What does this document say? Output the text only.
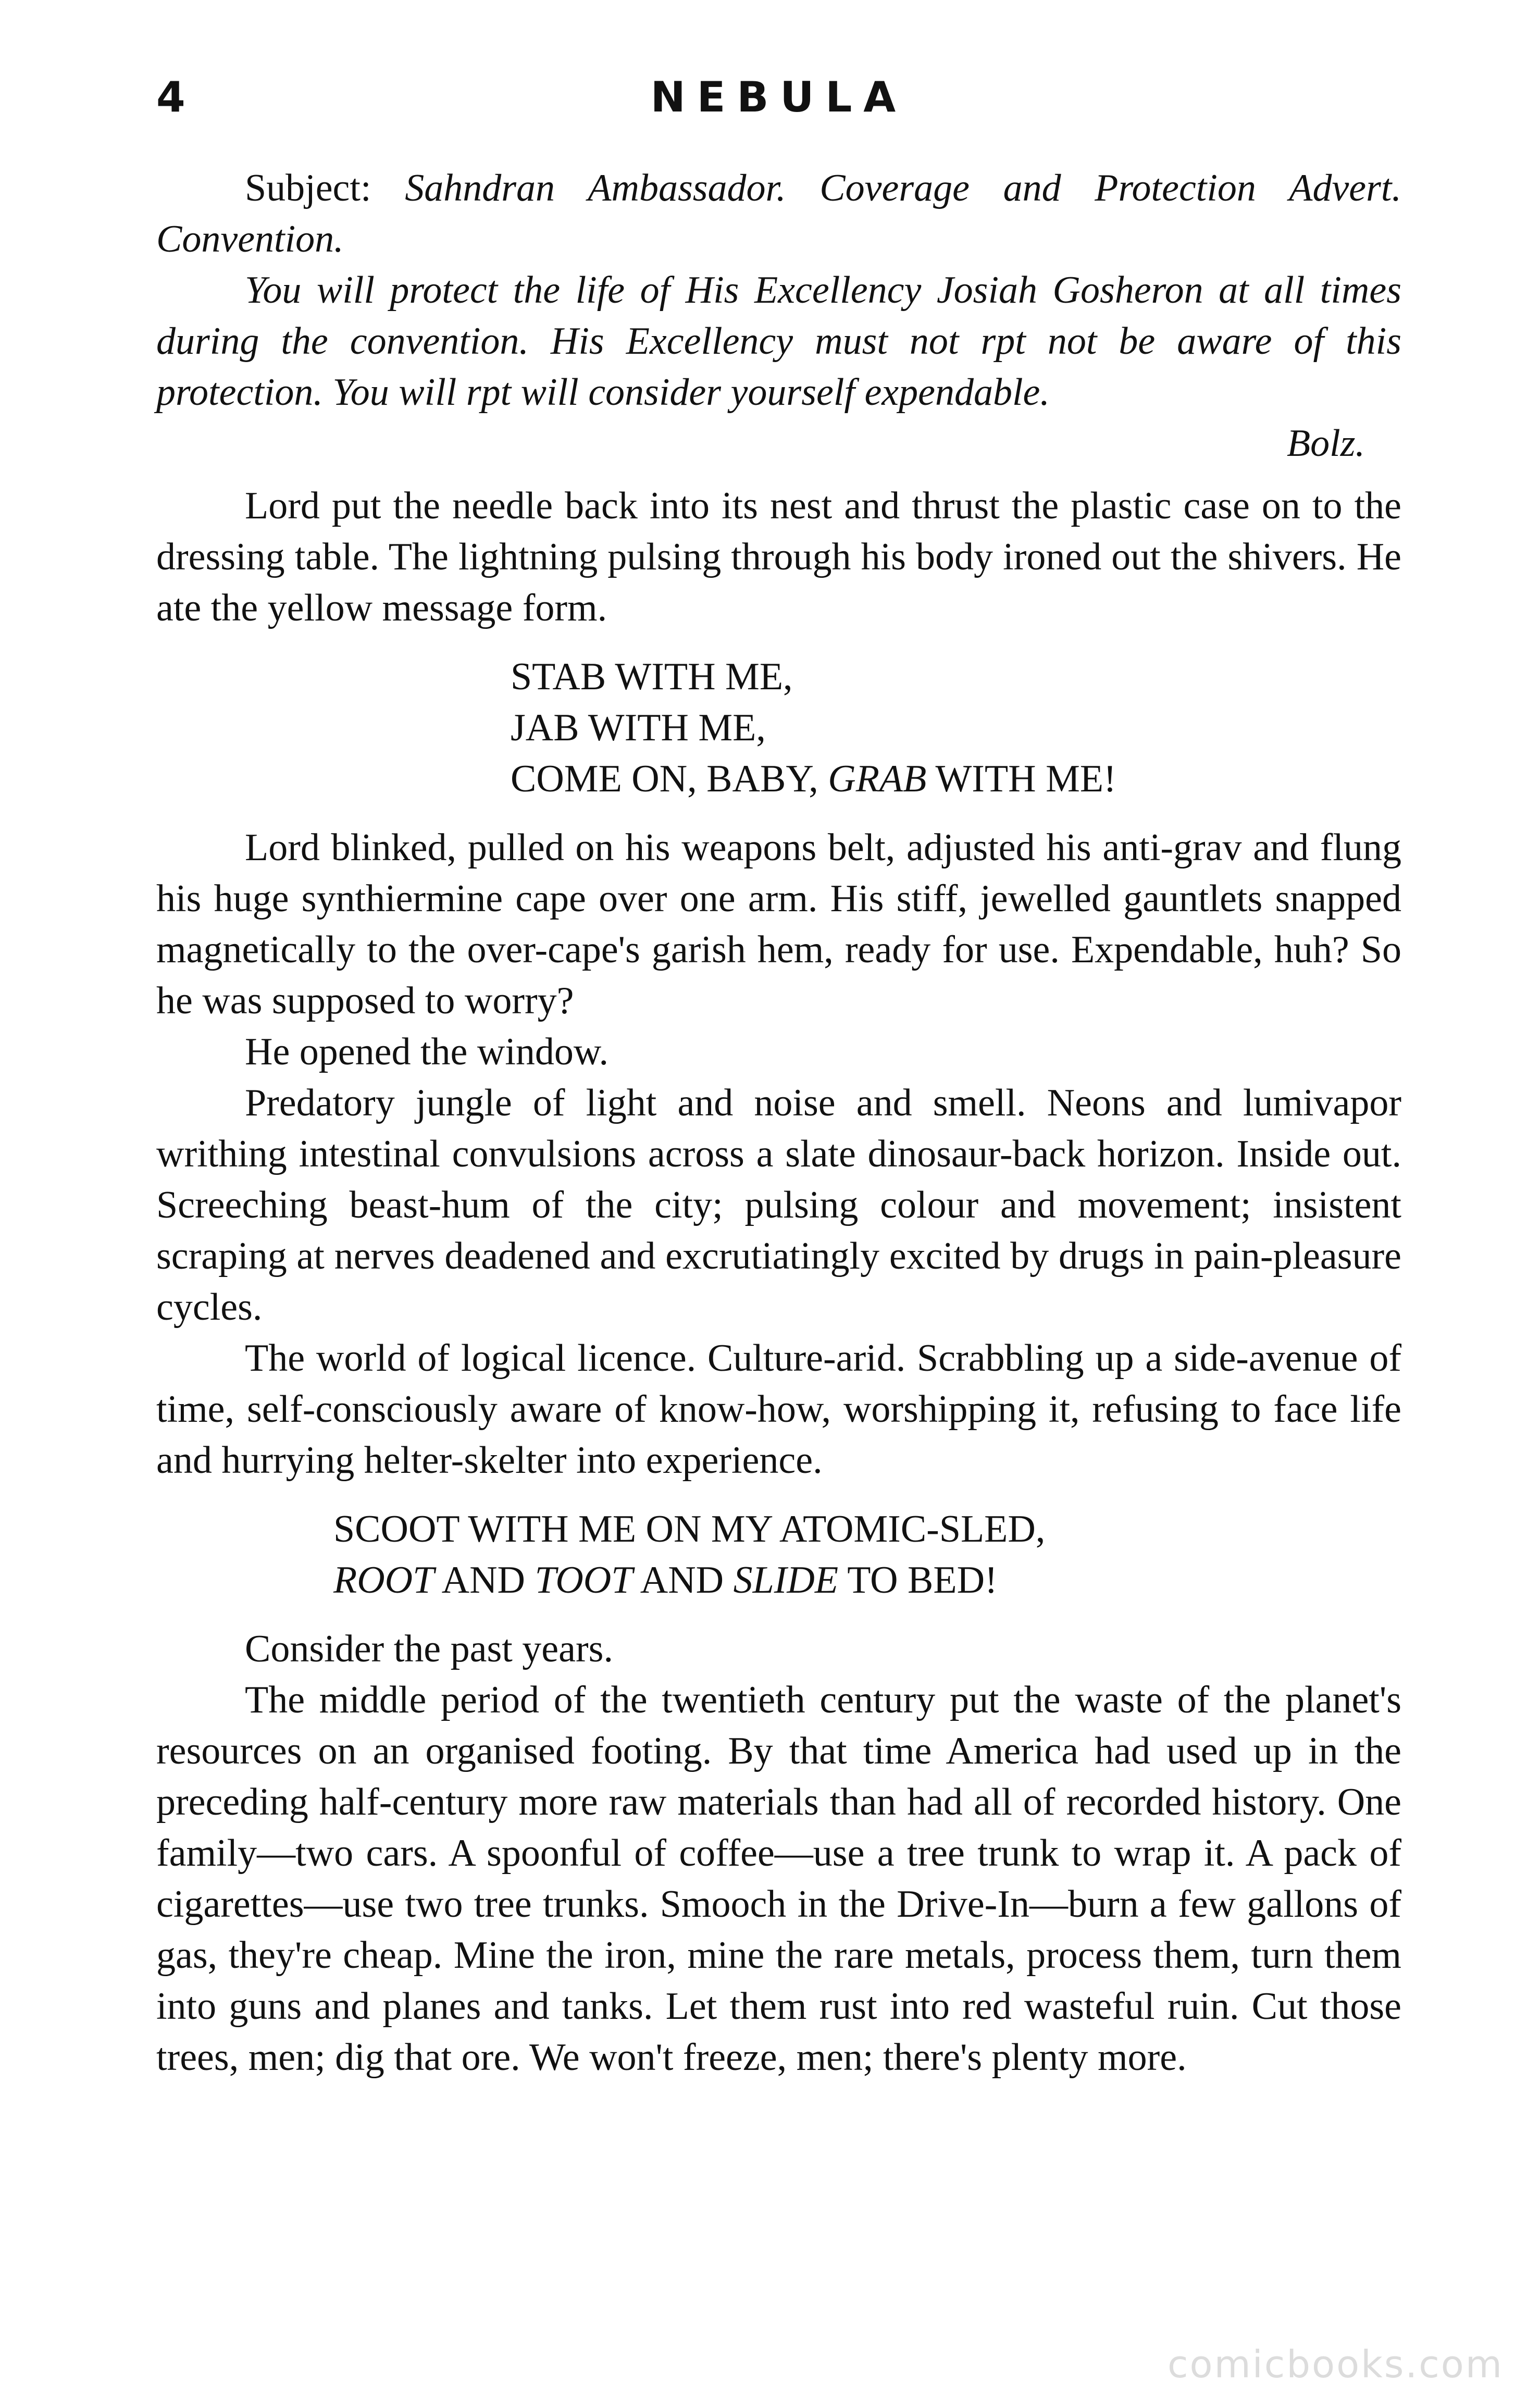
4	NEBULA

Subject: Sahndran Ambassador. Coverage and Protection Advert. Convention.

You will protect the life of His Excellency Josiah Gosheron at all times during the convention. His Excellency must not rpt not be aware of this protection. You will rpt will consider yourself expendable.

Bolz.

Lord put the needle back into its nest and thrust the plastic case on to the dressing table. The lightning pulsing through his body ironed out the shivers. He ate the yellow message form.

STAB WITH ME,
JAB WITH ME,
COME ON, BABY, GRAB WITH ME!

Lord blinked, pulled on his weapons belt, adjusted his anti-grav and flung his huge synthiermine cape over one arm. His stiff, jewelled gauntlets snapped magnetically to the over-cape's garish hem, ready for use. Expendable, huh? So he was supposed to worry?

He opened the window.

Predatory jungle of light and noise and smell. Neons and lumivapor writhing intestinal convulsions across a slate dinosaur-back horizon. Inside out. Screeching beast-hum of the city; pulsing colour and movement; insistent scraping at nerves deadened and excrutiatingly excited by drugs in pain-pleasure cycles.

The world of logical licence. Culture-arid. Scrabbling up a side-avenue of time, self-consciously aware of know-how, worshipping it, refusing to face life and hurrying helter-skelter into experience.

SCOOT WITH ME ON MY ATOMIC-SLED,
ROOT AND TOOT AND SLIDE TO BED!

Consider the past years.

The middle period of the twentieth century put the waste of the planet's resources on an organised footing. By that time America had used up in the preceding half-century more raw materials than had all of recorded history. One family—two cars. A spoonful of coffee—use a tree trunk to wrap it. A pack of cigarettes—use two tree trunks. Smooch in the Drive-In—burn a few gallons of gas, they're cheap. Mine the iron, mine the rare metals, process them, turn them into guns and planes and tanks. Let them rust into red wasteful ruin. Cut those trees, men; dig that ore. We won't freeze, men; there's plenty more.

comicbooks.com
